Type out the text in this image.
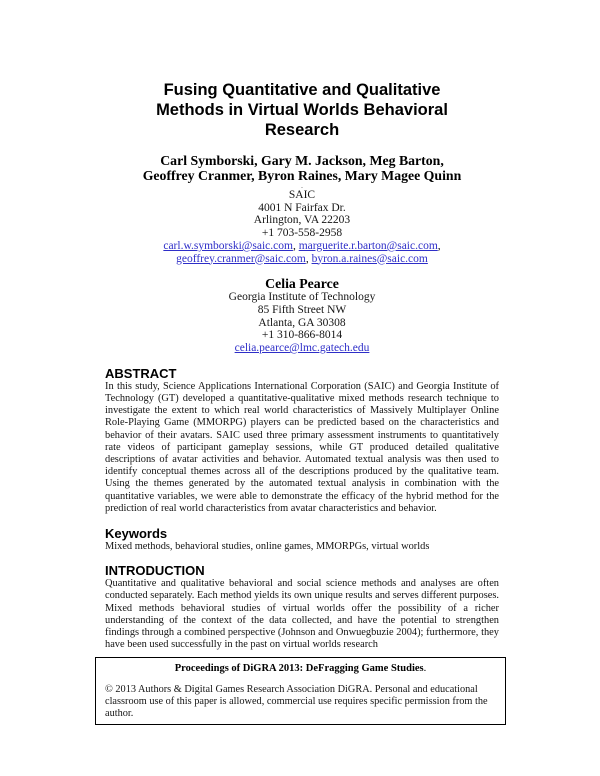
Fusing Quantitative and Qualitative
Methods in Virtual Worlds Behavioral
Research
Carl Symborski, Gary M. Jackson, Meg Barton,
Geoffrey Cranmer, Byron Raines, Mary Magee Quinn
.
SAIC
4001 N Fairfax Dr.
Arlington, VA 22203
+1 703-558-2958
carl.w.symborski@saic.com, marguerite.r.barton@saic.com,
geoffrey.cranmer@saic.com, byron.a.raines@saic.com
Celia Pearce
Georgia Institute of Technology
85 Fifth Street NW
Atlanta, GA 30308
+1 310-866-8014
celia.pearce@lmc.gatech.edu
ABSTRACT
In this study, Science Applications International Corporation (SAIC) and Georgia Institute of Technology (GT) developed a quantitative-qualitative mixed methods research technique to investigate the extent to which real world characteristics of Massively Multiplayer Online Role-Playing Game (MMORPG) players can be predicted based on the characteristics and behavior of their avatars. SAIC used three primary assessment instruments to quantitatively rate videos of participant gameplay sessions, while GT produced detailed qualitative descriptions of avatar activities and behavior. Automated textual analysis was then used to identify conceptual themes across all of the descriptions produced by the qualitative team. Using the themes generated by the automated textual analysis in combination with the quantitative variables, we were able to demonstrate the efficacy of the hybrid method for the prediction of real world characteristics from avatar characteristics and behavior.
Keywords
Mixed methods, behavioral studies, online games, MMORPGs, virtual worlds
INTRODUCTION
Quantitative and qualitative behavioral and social science methods and analyses are often conducted separately. Each method yields its own unique results and serves different purposes. Mixed methods behavioral studies of virtual worlds offer the possibility of a richer understanding of the context of the data collected, and have the potential to strengthen findings through a combined perspective (Johnson and Onwuegbuzie 2004); furthermore, they have been used successfully in the past on virtual worlds research
Proceedings of DiGRA 2013: DeFragging Game Studies.
© 2013 Authors & Digital Games Research Association DiGRA. Personal and educational classroom use of this paper is allowed, commercial use requires specific permission from the author.
